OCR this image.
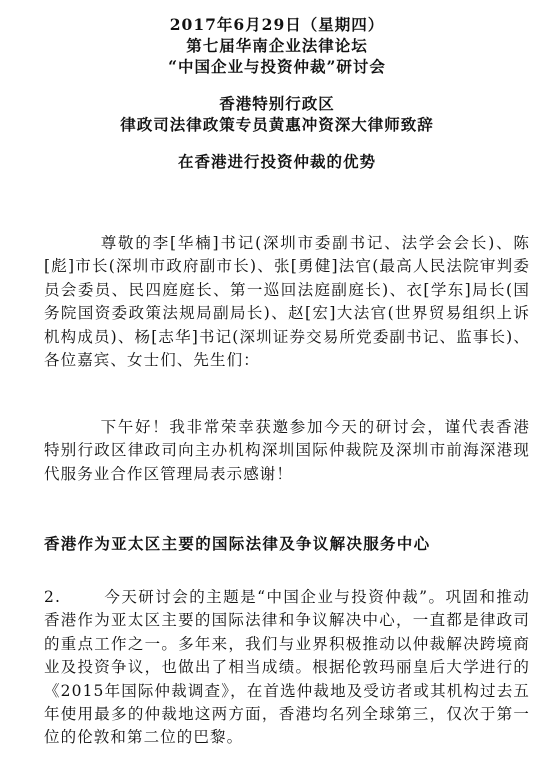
2017年6月29日（星期四）
第七届华南企业法律论坛
“中国企业与投资仲裁”研讨会
香港特别行政区
律政司法律政策专员黄惠冲资深大律师致辞
在香港进行投资仲裁的优势
尊敬的李[华楠]书记(深圳市委副书记、法学会会长)、陈[彪]市长(深圳市政府副市长)、张[勇健]法官(最高人民法院审判委员会委员、民四庭庭长、第一巡回法庭副庭长)、衣[学东]局长(国务院国资委政策法规局副局长)、赵[宏]大法官(世界贸易组织上诉机构成员)、杨[志华]书记(深圳证券交易所党委副书记、监事长)、各位嘉宾、女士们、先生们：
下午好！我非常荣幸获邀参加今天的研讨会，谨代表香港特别行政区律政司向主办机构深圳国际仲裁院及深圳市前海深港现代服务业合作区管理局表示感谢！
香港作为亚太区主要的国际法律及争议解决服务中心
2.	今天研讨会的主题是“中国企业与投资仲裁”。巩固和推动香港作为亚太区主要的国际法律和争议解决中心，一直都是律政司的重点工作之一。多年来，我们与业界积极推动以仲裁解决跨境商业及投资争议，也做出了相当成绩。根据伦敦玛丽皇后大学进行的《2015年国际仲裁调查》，在首选仲裁地及受访者或其机构过去五年使用最多的仲裁地这两方面，香港均名列全球第三，仅次于第一位的伦敦和第二位的巴黎。
